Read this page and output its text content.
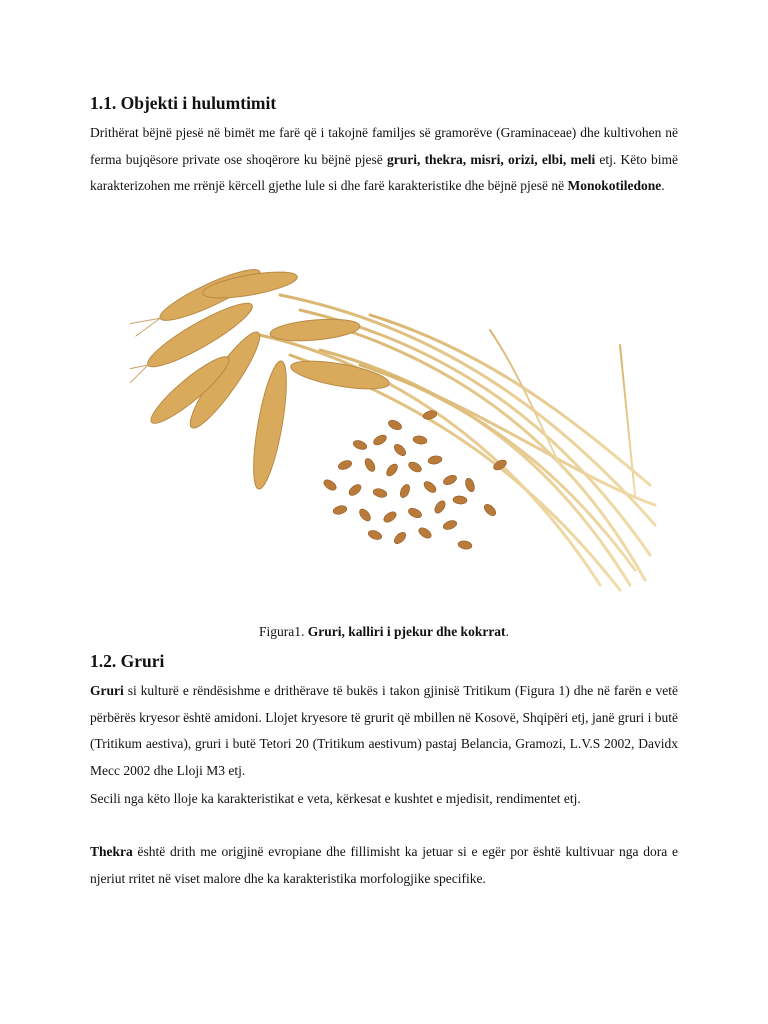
1.1. Objekti i hulumtimit

Drithërat bëjnë pjesë në bimët me farë që i takojnë familjes së gramorëve (Graminaceae) dhe kultivohen në ferma bujqësore private ose shoqërore ku bëjnë pjesë gruri, thekra, misri, orizi, elbi, meli etj. Këto bimë karakterizohen me rrënjë kërcell gjethe lule si dhe farë karakteristike dhe bëjnë pjesë në Monokotiledone.

Figura1. Gruri, kalliri i pjekur dhe kokrrat.
1.2. Gruri

Gruri si kulturë e rëndësishme e drithërave të bukës i takon gjinisë Tritikum (Figura 1) dhe në farën e vetë përbërës kryesor është amidoni. Llojet kryesore të grurit që mbillen në Kosovë, Shqipëri etj, janë gruri i butë (Tritikum aestiva), gruri i butë Tetori 20 (Tritikum aestivum) pastaj Belancia, Gramozi, L.V.S 2002, Davidx Mecc 2002 dhe Lloji M3 etj.

Secili nga këto lloje ka karakteristikat e veta, kërkesat e kushtet e mjedisit, rendimentet etj.

Thekra është drith me origjinë evropiane dhe fillimisht ka jetuar si e egër por është kultivuar nga dora e njeriut rritet në viset malore dhe ka karakteristika morfologjike specifike.
